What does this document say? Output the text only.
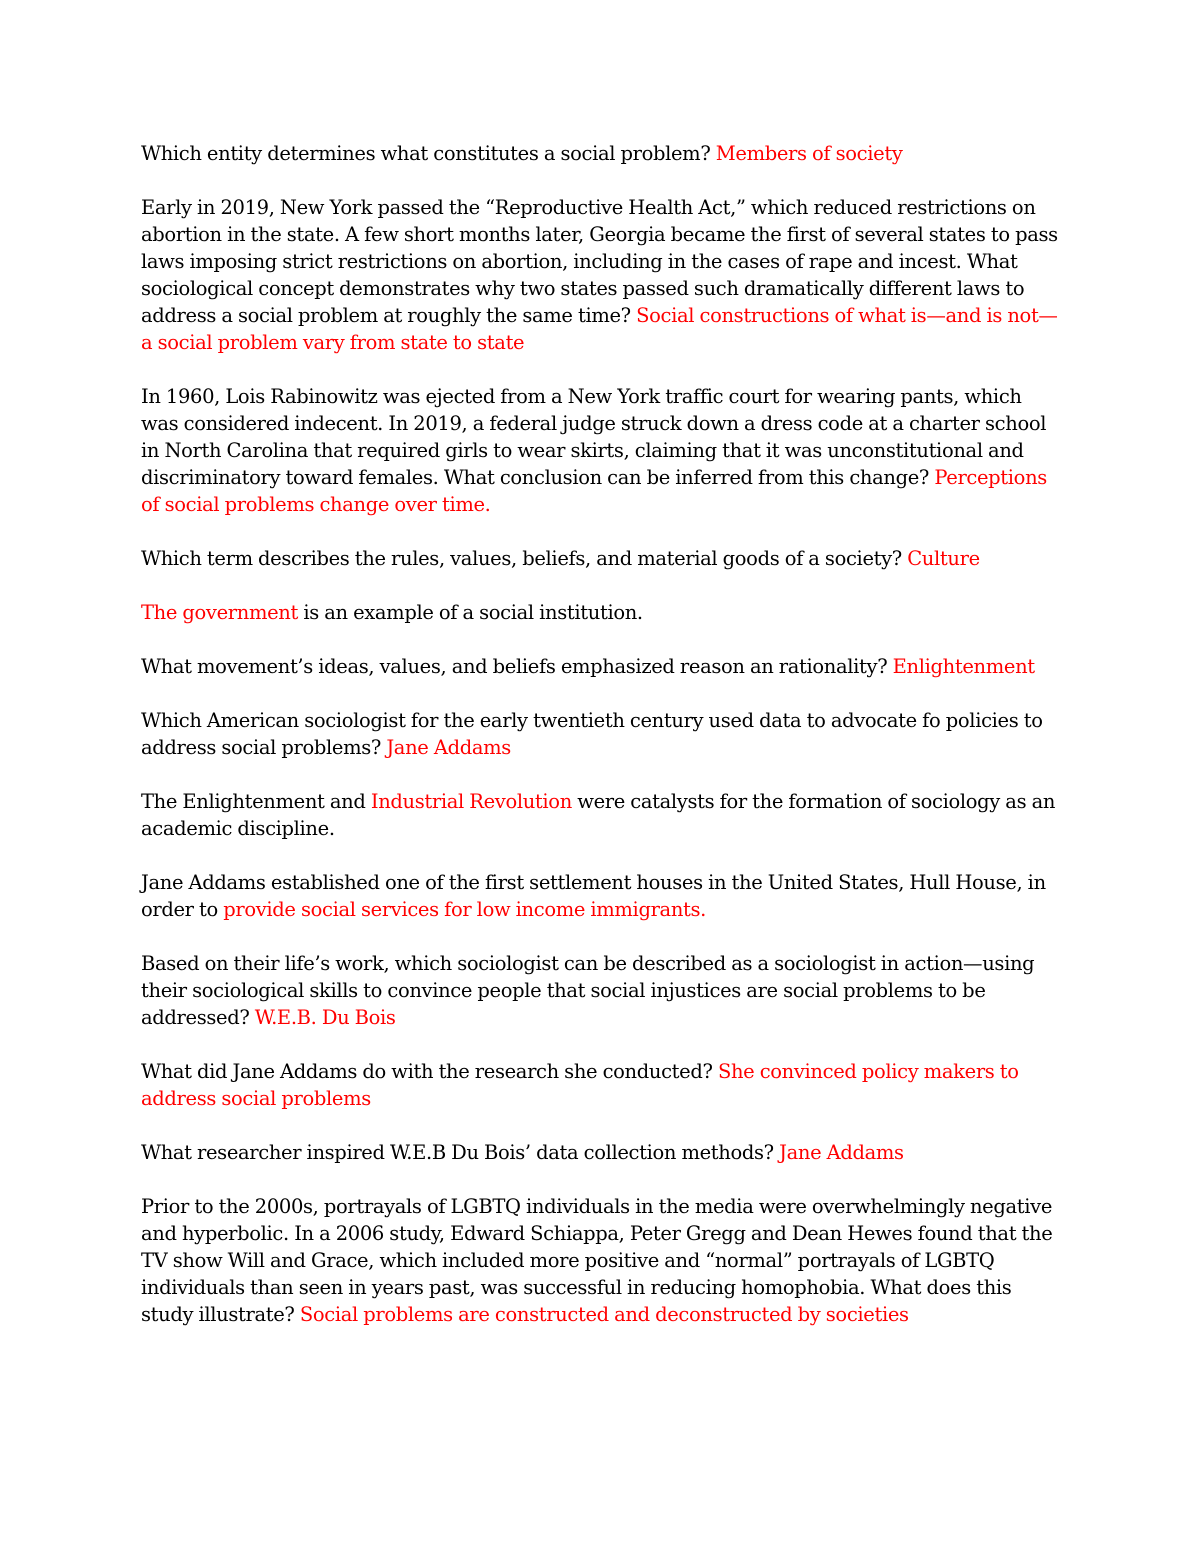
Which entity determines what constitutes a social problem? Members of society

Early in 2019, New York passed the “Reproductive Health Act,” which reduced restrictions on abortion in the state. A few short months later, Georgia became the first of several states to pass laws imposing strict restrictions on abortion, including in the cases of rape and incest. What sociological concept demonstrates why two states passed such dramatically different laws to address a social problem at roughly the same time? Social constructions of what is—and is not—a social problem vary from state to state

In 1960, Lois Rabinowitz was ejected from a New York traffic court for wearing pants, which was considered indecent. In 2019, a federal judge struck down a dress code at a charter school in North Carolina that required girls to wear skirts, claiming that it was unconstitutional and discriminatory toward females. What conclusion can be inferred from this change? Perceptions of social problems change over time.

Which term describes the rules, values, beliefs, and material goods of a society? Culture

The government is an example of a social institution.

What movement’s ideas, values, and beliefs emphasized reason an rationality? Enlightenment

Which American sociologist for the early twentieth century used data to advocate fo policies to address social problems? Jane Addams

The Enlightenment and Industrial Revolution were catalysts for the formation of sociology as an academic discipline.

Jane Addams established one of the first settlement houses in the United States, Hull House, in order to provide social services for low income immigrants.

Based on their life’s work, which sociologist can be described as a sociologist in action—using their sociological skills to convince people that social injustices are social problems to be addressed? W.E.B. Du Bois

What did Jane Addams do with the research she conducted? She convinced policy makers to address social problems

What researcher inspired W.E.B Du Bois’ data collection methods? Jane Addams

Prior to the 2000s, portrayals of LGBTQ individuals in the media were overwhelmingly negative and hyperbolic. In a 2006 study, Edward Schiappa, Peter Gregg and Dean Hewes found that the TV show Will and Grace, which included more positive and “normal” portrayals of LGBTQ individuals than seen in years past, was successful in reducing homophobia. What does this study illustrate? Social problems are constructed and deconstructed by societies
